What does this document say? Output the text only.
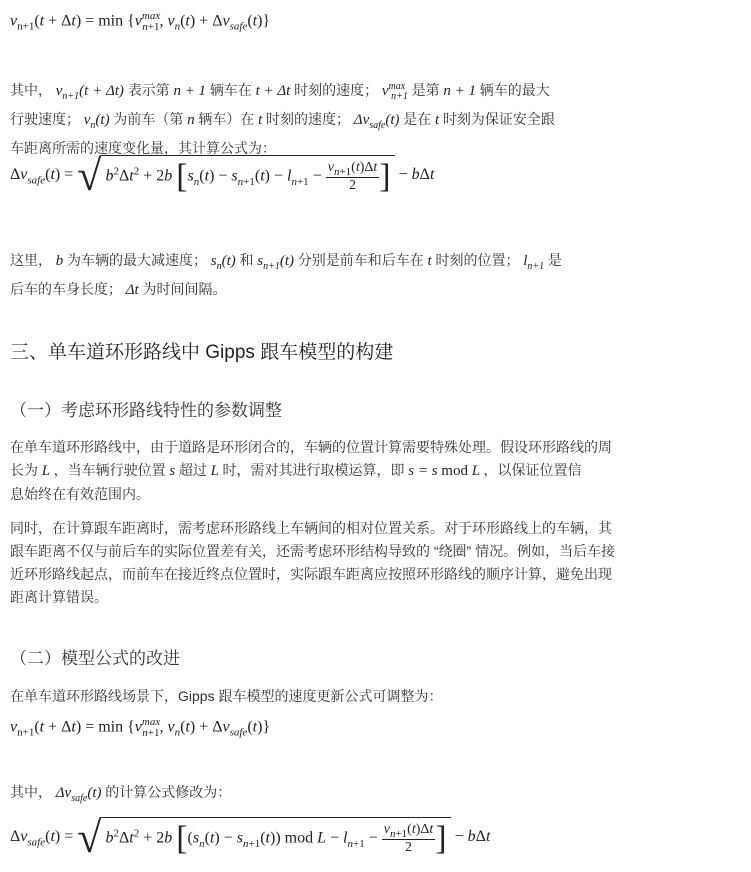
$v_{n+1}(t + \Delta t) = \min \{v^{max}_{n+1}$, $v_n(t) + \Delta v_{safe}(t)$}
其中， $v_{n+1}(t + \Delta t)$ 表示第 n + 1 辆车在 t + Δt 时刻的速度； $v^{max}_{n+1}$ 是第 n + 1 辆车的最大
行驶速度； $v_n(t)$ 为前车（第 n 辆车）在 t 时刻的速度； $\Delta v_{safe}(t)$ 是在 t 时刻为保证安全跟
车距离所需的速度变化量，其计算公式为：
$\Delta v_{safe}(t)$ = √ $b^2\Delta t^2 + 2b$ [$s_n(t) - s_{n+1}(t) - l_{n+1} - \frac{v_{n+1}(t)\Delta t}{2}$ ] − bΔt
这里， b 为车辆的最大减速度； $s_n(t)$ 和 $s_{n+1}(t)$ 分别是前车和后车在 t 时刻的位置； $l_{n+1}$ 是
后车的车身长度； Δt 为时间间隔。
三、单车道环形路线中 Gipps 跟车模型的构建
（一）考虑环形路线特性的参数调整
在单车道环形路线中，由于道路是环形闭合的，车辆的位置计算需要特殊处理。假设环形路线的周
长为 L ，当车辆行驶位置 s 超过 L 时，需对其进行取模运算，即 s = s mod L ，以保证位置信
息始终在有效范围内。
同时，在计算跟车距离时，需考虑环形路线上车辆间的相对位置关系。对于环形路线上的车辆，其
跟车距离不仅与前后车的实际位置差有关，还需考虑环形结构导致的 “绕圈” 情况。例如，当后车接
近环形路线起点，而前车在接近终点位置时，实际跟车距离应按照环形路线的顺序计算，避免出现
距离计算错误。
（二）模型公式的改进
在单车道环形路线场景下，Gipps 跟车模型的速度更新公式可调整为：
$v_{n+1}(t + \Delta t) = \min \{v^{max}_{n+1}$, $v_n(t) + \Delta v_{safe}(t)$}
其中， $\Delta v_{safe}(t)$ 的计算公式修改为：
$\Delta v_{safe}(t)$ = √ $b^2\Delta t^2 + 2b$ [$(s_n(t) - s_{n+1}(t))$ mod $L - l_{n+1} - \frac{v_{n+1}(t)\Delta t}{2}$ ] − bΔt
